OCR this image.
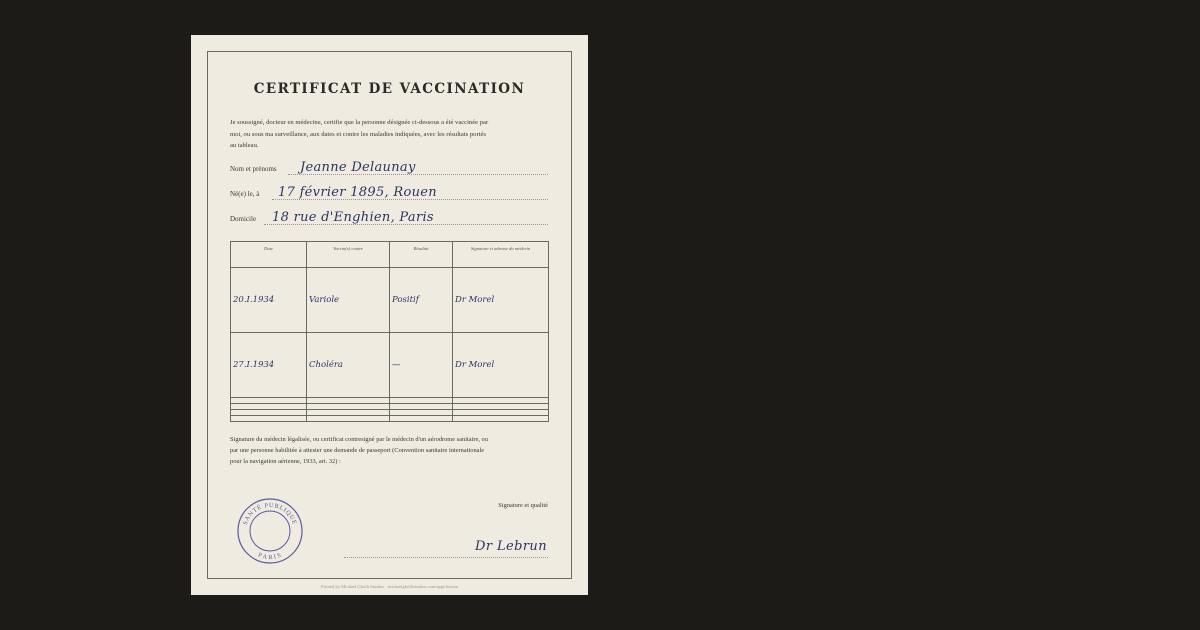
CERTIFICAT DE VACCINATION
Je soussigné, docteur en médecine, certifie que la personne désignée ci-dessous a été vaccinée par moi, ou sous ma surveillance, aux dates et contre les maladies indiquées, avec les résultats portés au tableau.
Nom et prénoms Jeanne Delaunay
Né(e) le, à 17 février 1895, Rouen
Domicile 18 rue d'Enghien, Paris
Date	Vaccin(s) contre	Résultat	Signature et adresse du médecin
20.I.1934	Variole	Positif	Dr Morel
27.I.1934	Choléra	—	Dr Morel

Signature du médecin légalisée, ou certificat contresigné par le médecin d'un aérodrome sanitaire, ou par une personne habilitée à attester une demande de passeport (Convention sanitaire internationale pour la navigation aérienne, 1933, art. 32) :
Signature et qualité
Dr Lebrun
SANTÉ PUBLIQUE
PARIS
Printed by Michael Gbolli Studios · michaelgbollistudios.com/appt/bourse
